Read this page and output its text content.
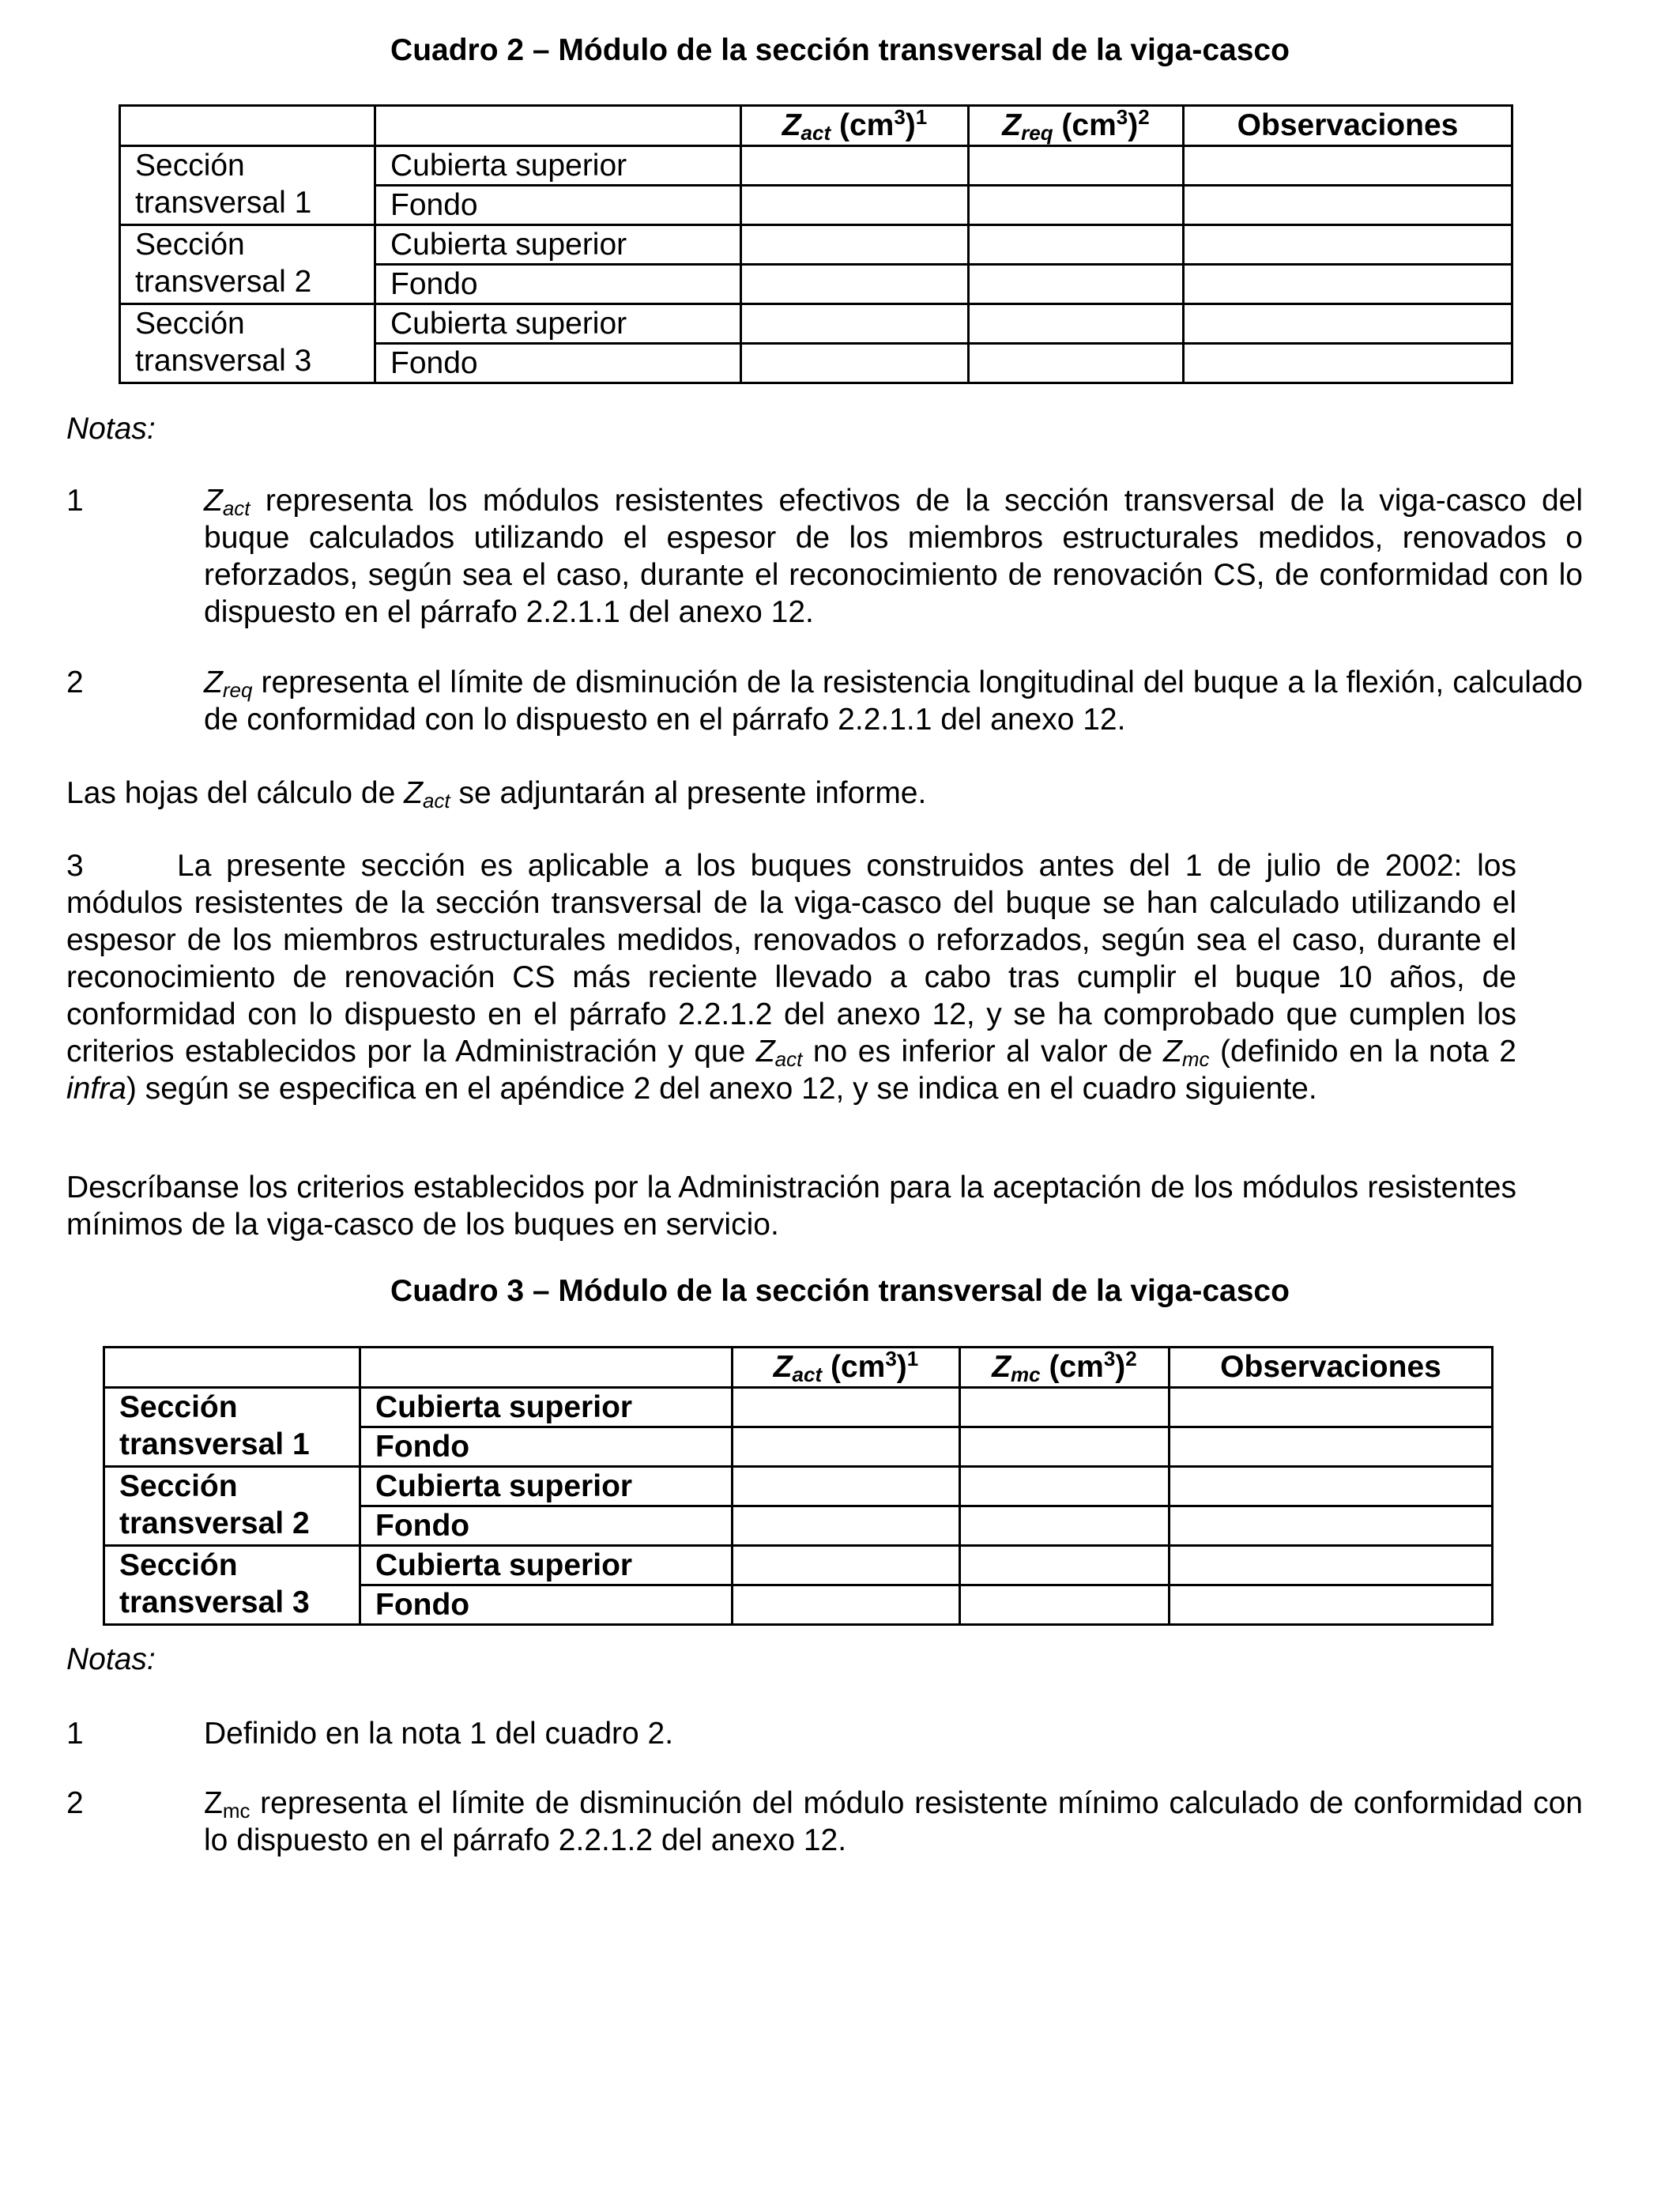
Cuadro 2 – Módulo de la sección transversal de la viga-casco
		$Z_{act}$ $(cm^3)^1$	$Z_{req}$ $(cm^3)^2$	Observaciones

Sección
transversal 1	Cubierta superior			
	Fondo			

Sección
transversal 2	Cubierta superior			
	Fondo			

Sección
transversal 3	Cubierta superior			
	Fondo			
Notas:
1	$Z_{act}$ representa los módulos resistentes efectivos de la sección transversal de la viga-casco del buque calculados utilizando el espesor de los miembros estructurales medidos, renovados o reforzados, según sea el caso, durante el reconocimiento de renovación CS, de conformidad con lo dispuesto en el párrafo 2.2.1.1 del anexo 12.
2	$Z_{req}$ representa el límite de disminución de la resistencia longitudinal del buque a la flexión, calculado de conformidad con lo dispuesto en el párrafo 2.2.1.1 del anexo 12.
Las hojas del cálculo de $Z_{act}$ se adjuntarán al presente informe.
3	La presente sección es aplicable a los buques construidos antes del 1 de julio de 2002: los módulos resistentes de la sección transversal de la viga-casco del buque se han calculado utilizando el espesor de los miembros estructurales medidos, renovados o reforzados, según sea el caso, durante el reconocimiento de renovación CS más reciente llevado a cabo tras cumplir el buque 10 años, de conformidad con lo dispuesto en el párrafo 2.2.1.2 del anexo 12, y se ha comprobado que cumplen los criterios establecidos por la Administración y que $Z_{act}$ no es inferior al valor de $Z_{mc}$ (definido en la nota 2 infra) según se especifica en el apéndice 2 del anexo 12, y se indica en el cuadro siguiente.
Descríbanse los criterios establecidos por la Administración para la aceptación de los módulos resistentes mínimos de la viga-casco de los buques en servicio.
Cuadro 3 – Módulo de la sección transversal de la viga-casco
		$Z_{act}$ $(cm^3)^1$	$Z_{mc}$ $(cm^3)^2$	Observaciones

Sección
transversal 1	Cubierta superior			
	Fondo			

Sección
transversal 2	Cubierta superior			
	Fondo			

Sección
transversal 3	Cubierta superior			
	Fondo			
Notas:
1	Definido en la nota 1 del cuadro 2.
2	$Z_{mc}$ representa el límite de disminución del módulo resistente mínimo calculado de conformidad con lo dispuesto en el párrafo 2.2.1.2 del anexo 12.
